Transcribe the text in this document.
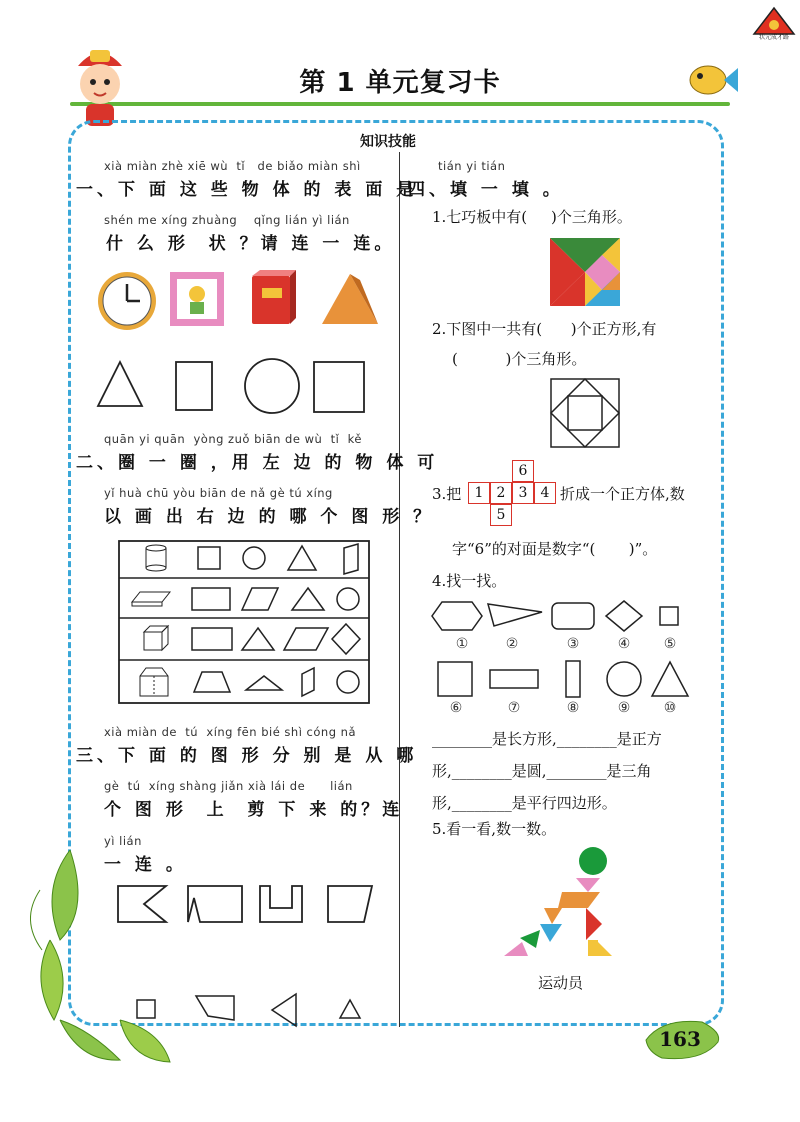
第 1 单元复习卡
状元成才路
知识技能
xià miàn zhè xiē wù  tǐ   de biǎo miàn shì
一、下 面 这 些 物 体 的 表 面 是
shén me xíng zhuàng    qǐng lián yì lián
什 么 形  状 ？请 连 一 连。
quān yi quān  yòng zuǒ biān de wù  tǐ  kě
二、圈 一 圈 ，用 左 边 的 物 体 可
yǐ huà chū yòu biān de nǎ gè tú xíng
以 画 出 右 边 的 哪 个 图 形 ？
xià miàn de  tú  xíng fēn bié shì cóng nǎ
三、下 面 的 图 形 分 别 是 从 哪
gè  tú  xíng shàng jiǎn xià lái de      lián
个 图 形  上  剪 下 来 的？连
yì lián
一 连 。
tián yi tián
四、填 一 填 。
1.七巧板中有(     )个三角形。
2.下图中一共有(      )个正方形,有
(          )个三角形。
3.把 1 2 3 4
5
6
折成一个正方体,数
字“6”的对面是数字“(       )”。
4.找一找。
①	②	③	④	⑤
⑥	⑦	⑧	⑨	⑩
________是长方形,________是正方
形,________是圆,________是三角
形,________是平行四边形。
5.看一看,数一数。
运动员
163
